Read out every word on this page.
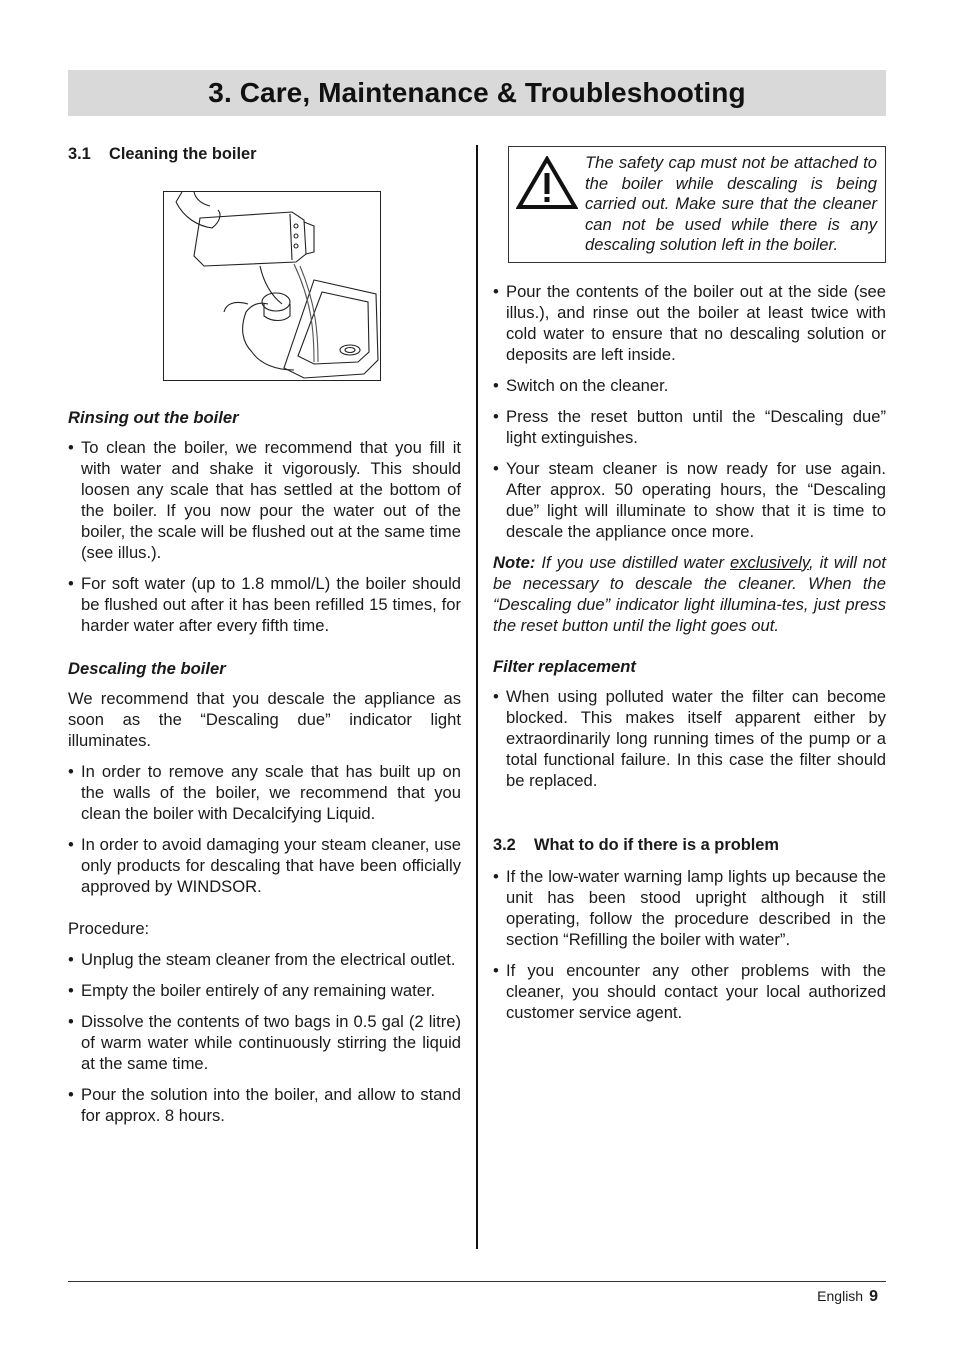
3. Care, Maintenance & Troubleshooting
3.1 Cleaning the boiler
Rinsing out the boiler
• To clean the boiler, we recommend that you fill it with water and shake it vigorously. This should loosen any scale that has settled at the bottom of the boiler. If you now pour the water out of the boiler, the scale will be flushed out at the same time (see illus.).
• For soft water (up to 1.8 mmol/L) the boiler should be flushed out after it has been refilled 15 times, for harder water after every fifth time.
Descaling the boiler

We recommend that you descale the appliance as soon as the “Descaling due” indicator light illuminates.

• In order to remove any scale that has built up on the walls of the boiler, we recommend that you clean the boiler with Decalcifying Liquid.
• In order to avoid damaging your steam cleaner, use only products for descaling that have been officially approved by WINDSOR.

Procedure:

• Unplug the steam cleaner from the electrical outlet.
• Empty the boiler entirely of any remaining water.
• Dissolve the contents of two bags in 0.5 gal (2 litre) of warm water while continuously stirring the liquid at the same time.
• Pour the solution into the boiler, and allow to stand for approx. 8 hours.
The safety cap must not be attached to the boiler while descaling is being carried out. Make sure that the cleaner can not be used while there is any descaling solution left in the boiler.
• Pour the contents of the boiler out at the side (see illus.), and rinse out the boiler at least twice with cold water to ensure that no descaling solution or deposits are left inside.
• Switch on the cleaner.
• Press the reset button until the “Descaling due” light extinguishes.
• Your steam cleaner is now ready for use again. After approx. 50 operating hours, the “Descaling due” light will illuminate to show that it is time to descale the appliance once more.

Note: If you use distilled water exclusively, it will not be necessary to descale the cleaner. When the “Descaling due” indicator light illumina-tes, just press the reset button until the light goes out.

Filter replacement
• When using polluted water the filter can become blocked. This makes itself apparent either by extraordinarily long running times of the pump or a total functional failure. In this case the filter should be replaced.
3.2 What to do if there is a problem
• If the low-water warning lamp lights up because the unit has been stood upright although it still operating, follow the procedure described in the section “Refilling the boiler with water”.
• If you encounter any other problems with the cleaner, you should contact your local authorized customer service agent.
English 9
